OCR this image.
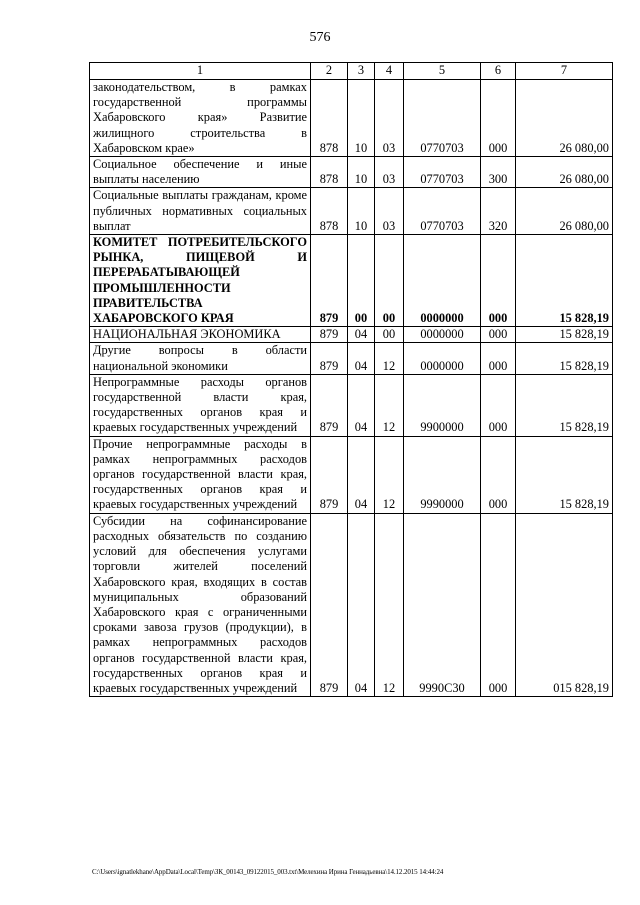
576
1	2	3	4	5	6	7
законодательством, в рамках государственной программы Хабаровского края» Развитие жилищного строительства в Хабаровском крае»	878	10	03	0770703	000	26 080,00
Социальное обеспечение и иные выплаты населению	878	10	03	0770703	300	26 080,00
Социальные выплаты гражданам, кроме публичных нормативных социальных выплат	878	10	03	0770703	320	26 080,00
КОМИТЕТ ПОТРЕБИТЕЛЬСКОГО РЫНКА, ПИЩЕВОЙ И ПЕРЕРАБАТЫВАЮЩЕЙ ПРОМЫШЛЕННОСТИ ПРАВИТЕЛЬСТВА ХАБАРОВСКОГО КРАЯ	879	00	00	0000000	000	15 828,19
НАЦИОНАЛЬНАЯ ЭКОНОМИКА	879	04	00	0000000	000	15 828,19
Другие вопросы в области национальной экономики	879	04	12	0000000	000	15 828,19
Непрограммные расходы органов государственной власти края, государственных органов края и краевых государственных учреждений	879	04	12	9900000	000	15 828,19
Прочие непрограммные расходы в рамках непрограммных расходов органов государственной власти края, государственных органов края и краевых государственных учреждений	879	04	12	9990000	000	15 828,19
Субсидии на софинансирование расходных обязательств по созданию условий для обеспечения услугами торговли жителей поселений Хабаровского края, входящих в состав муниципальных образований Хабаровского края с ограниченными сроками завоза грузов (продукции), в рамках непрограммных расходов органов государственной власти края, государственных органов края и краевых государственных учреждений	879	04	12	9990C30	000	015 828,19
C:\Users\ignatlekhane\AppData\Local\Temp\ЗК_00143_09122015_003.txt\Мелехина Ирина Геннадьевна\14.12.2015 14:44:24
